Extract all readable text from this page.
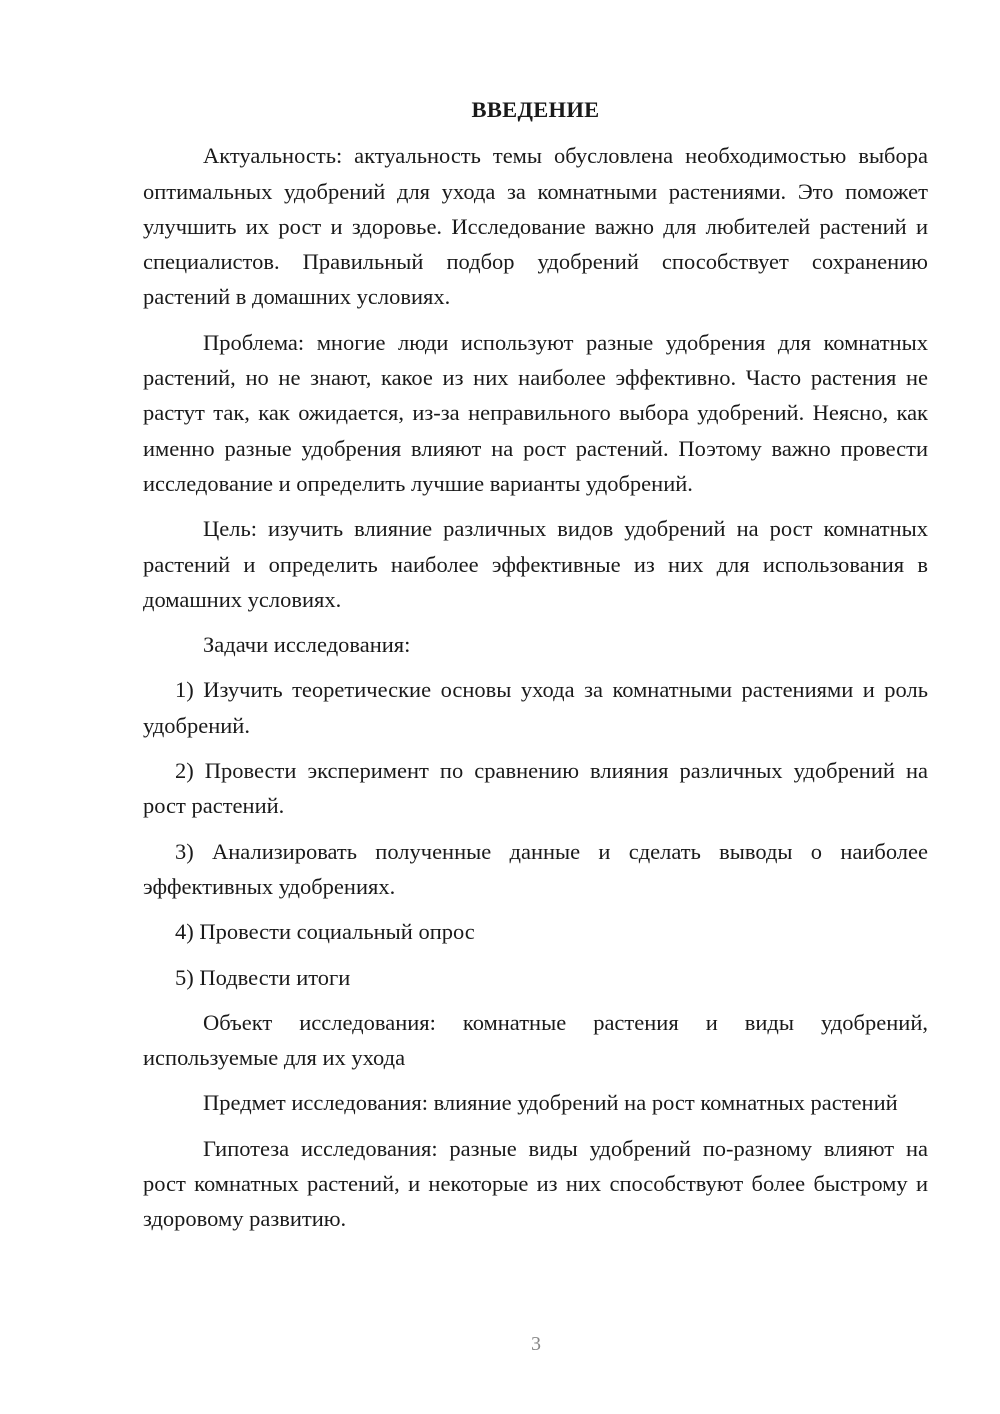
ВВЕДЕНИЕ

Актуальность: актуальность темы обусловлена необходимостью выбора оптимальных удобрений для ухода за комнатными растениями. Это поможет улучшить их рост и здоровье. Исследование важно для любителей растений и специалистов. Правильный подбор удобрений способствует сохранению растений в домашних условиях.

Проблема: многие люди используют разные удобрения для комнатных растений, но не знают, какое из них наиболее эффективно. Часто растения не растут так, как ожидается, из-за неправильного выбора удобрений. Неясно, как именно разные удобрения влияют на рост растений. Поэтому важно провести исследование и определить лучшие варианты удобрений.

Цель: изучить влияние различных видов удобрений на рост комнатных растений и определить наиболее эффективные из них для использования в домашних условиях.

Задачи исследования:

1) Изучить теоретические основы ухода за комнатными растениями и роль удобрений.

2) Провести эксперимент по сравнению влияния различных удобрений на рост растений.

3) Анализировать полученные данные и сделать выводы о наиболее эффективных удобрениях.

4) Провести социальный опрос

5) Подвести итоги

Объект исследования: комнатные растения и виды удобрений, используемые для их ухода

Предмет исследования: влияние удобрений на рост комнатных растений

Гипотеза исследования: разные виды удобрений по-разному влияют на рост комнатных растений, и некоторые из них способствуют более быстрому и здоровому развитию.

3
